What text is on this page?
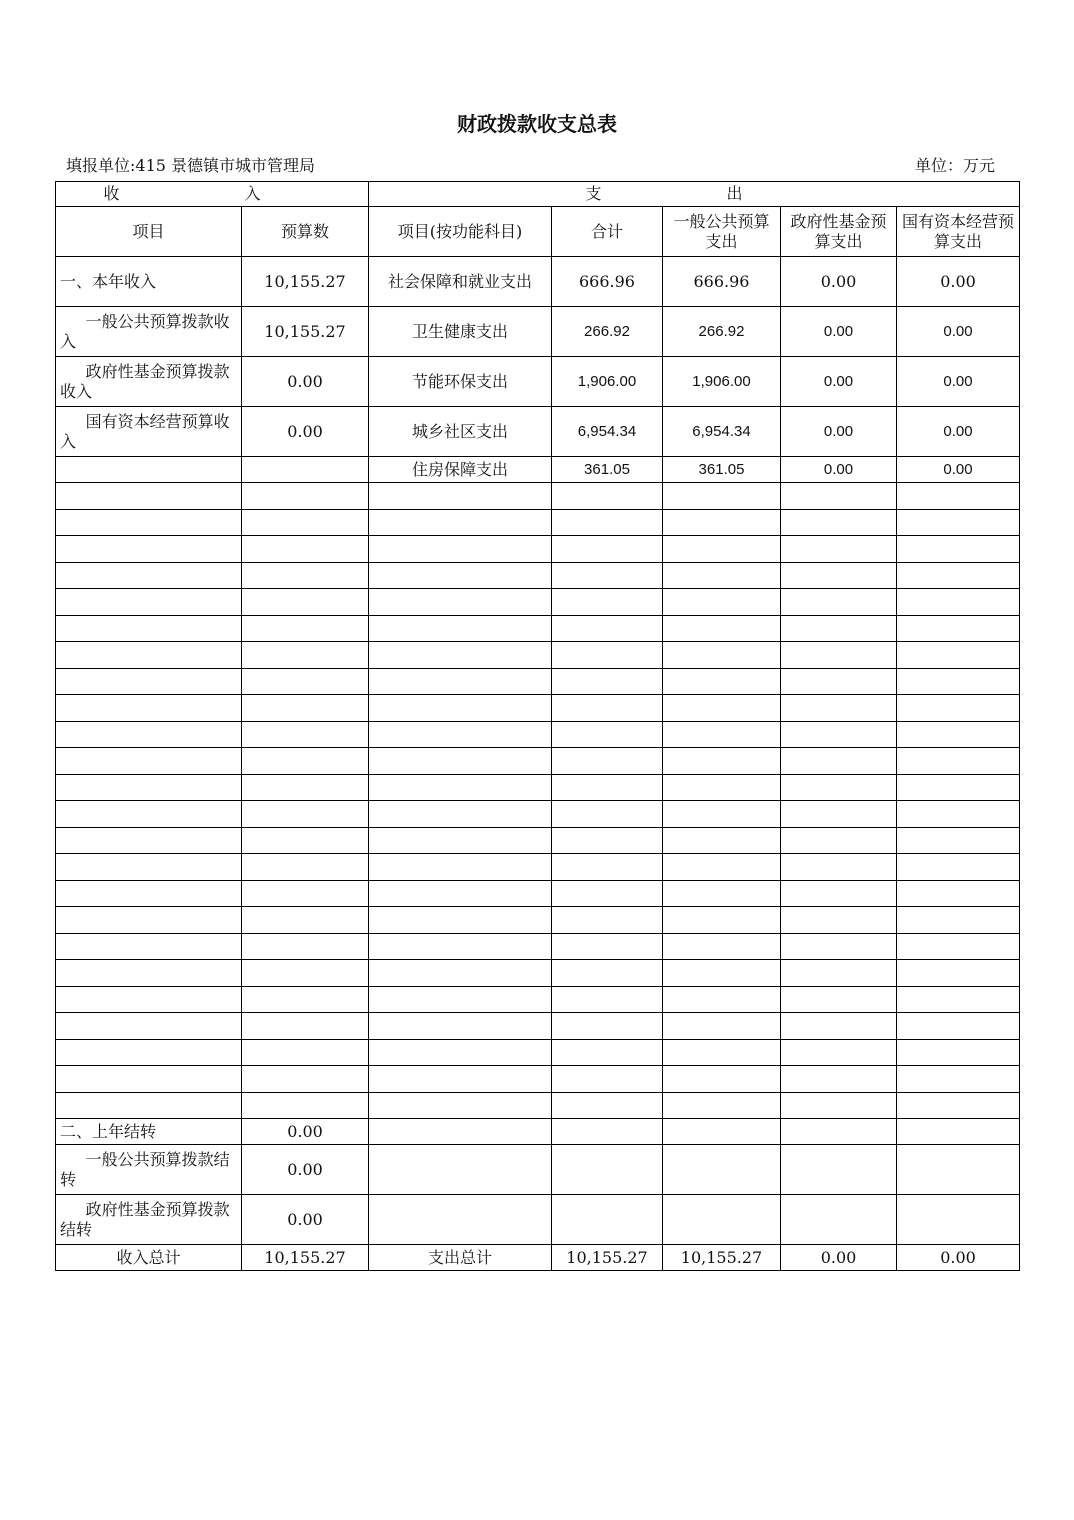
财政拨款收支总表
填报单位:415 景德镇市城市管理局	单位：万元
收 入		支 出				
项目	预算数	项目(按功能科目)	合计	一般公共预算支出	政府性基金预算支出	国有资本经营预算支出
一、本年收入	10,155.27	社会保障和就业支出	666.96	666.96	0.00	0.00
一般公共预算拨款收入	10,155.27	卫生健康支出	266.92	266.92	0.00	0.00
政府性基金预算拨款收入	0.00	节能环保支出	1,906.00	1,906.00	0.00	0.00
国有资本经营预算收入	0.00	城乡社区支出	6,954.34	6,954.34	0.00	0.00
		住房保障支出	361.05	361.05	0.00	0.00

二、上年结转	0.00					
一般公共预算拨款结转	0.00					
政府性基金预算拨款结转	0.00					
收入总计	10,155.27	支出总计	10,155.27	10,155.27	0.00	0.00
